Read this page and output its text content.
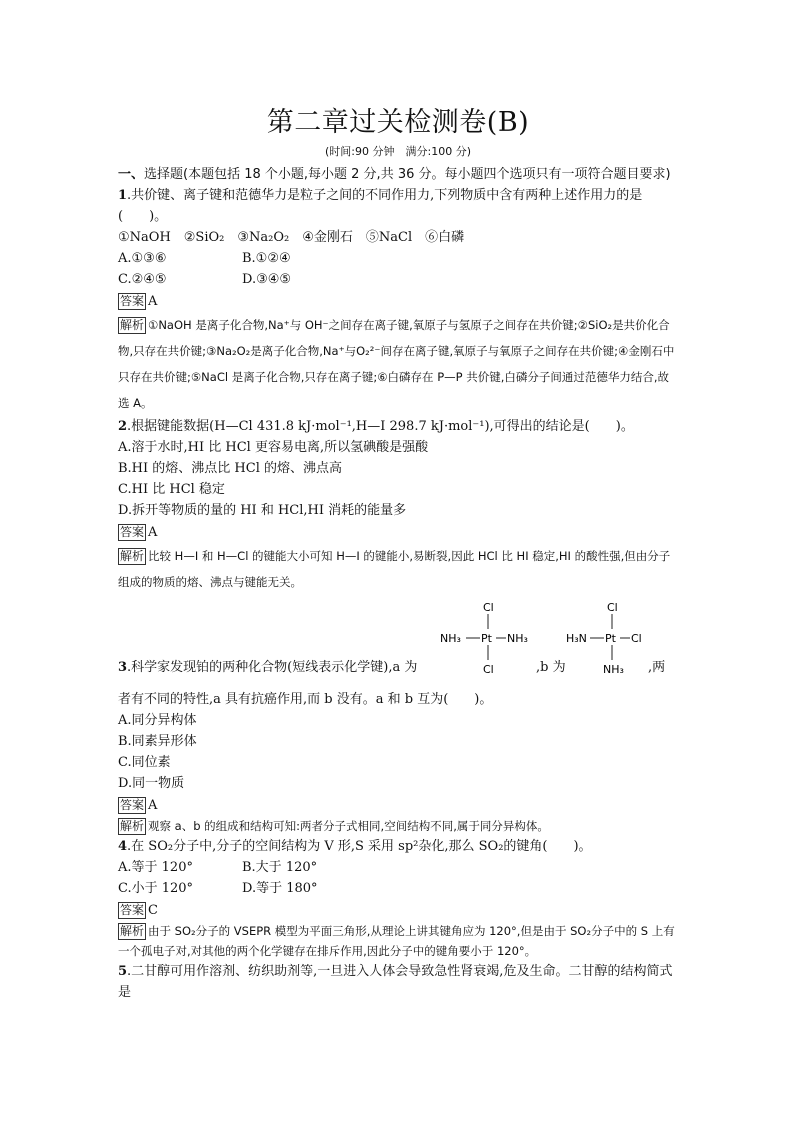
第二章过关检测卷(B)
(时间:90 分钟　满分:100 分)
一、选择题(本题包括 18 个小题,每小题 2 分,共 36 分。每小题四个选项只有一项符合题目要求)
1.共价键、离子键和范德华力是粒子之间的不同作用力,下列物质中含有两种上述作用力的是(　　)。
①NaOH　②SiO₂　③Na₂O₂　④金刚石　⑤NaCl　⑥白磷
A.①③⑥	B.①②④
C.②④⑤	D.③④⑤
答案 A
解析 ①NaOH 是离子化合物,Na⁺与 OH⁻之间存在离子键,氧原子与氢原子之间存在共价键;②SiO₂是共价化合物,只存在共价键;③Na₂O₂是离子化合物,Na⁺与O₂²⁻间存在离子键,氧原子与氧原子之间存在共价键;④金刚石中只存在共价键;⑤NaCl 是离子化合物,只存在离子键;⑥白磷存在 P—P 共价键,白磷分子间通过范德华力结合,故选 A。
2.根据键能数据(H—Cl 431.8 kJ·mol⁻¹,H—I 298.7 kJ·mol⁻¹),可得出的结论是(　　)。
A.溶于水时,HI 比 HCl 更容易电离,所以氢碘酸是强酸
B.HI 的熔、沸点比 HCl 的熔、沸点高
C.HI 比 HCl 稳定
D.拆开等物质的量的 HI 和 HCl,HI 消耗的能量多
答案 A
解析 比较 H—I 和 H—Cl 的键能大小可知 H—I 的键能小,易断裂,因此 HCl 比 HI 稳定,HI 的酸性强,但由分子组成的物质的熔、沸点与键能无关。
Cl
NH₃ Pt NH₃
Cl
Cl
H₃N Pt Cl
NH₃
3.科学家发现铂的两种化合物(短线表示化学键),a 为	,b 为	,两
者有不同的特性,a 具有抗癌作用,而 b 没有。a 和 b 互为(　　)。
A.同分异构体
B.同素异形体
C.同位素
D.同一物质
答案 A
解析 观察 a、b 的组成和结构可知:两者分子式相同,空间结构不同,属于同分异构体。
4.在 SO₂分子中,分子的空间结构为 V 形,S 采用 sp²杂化,那么 SO₂的键角(　　)。
A.等于 120°	B.大于 120°
C.小于 120°	D.等于 180°
答案 C
解析 由于 SO₂分子的 VSEPR 模型为平面三角形,从理论上讲其键角应为 120°,但是由于 SO₂分子中的 S 上有一个孤电子对,对其他的两个化学键存在排斥作用,因此分子中的键角要小于 120°。
5.二甘醇可用作溶剂、纺织助剂等,一旦进入人体会导致急性肾衰竭,危及生命。二甘醇的结构简式是
